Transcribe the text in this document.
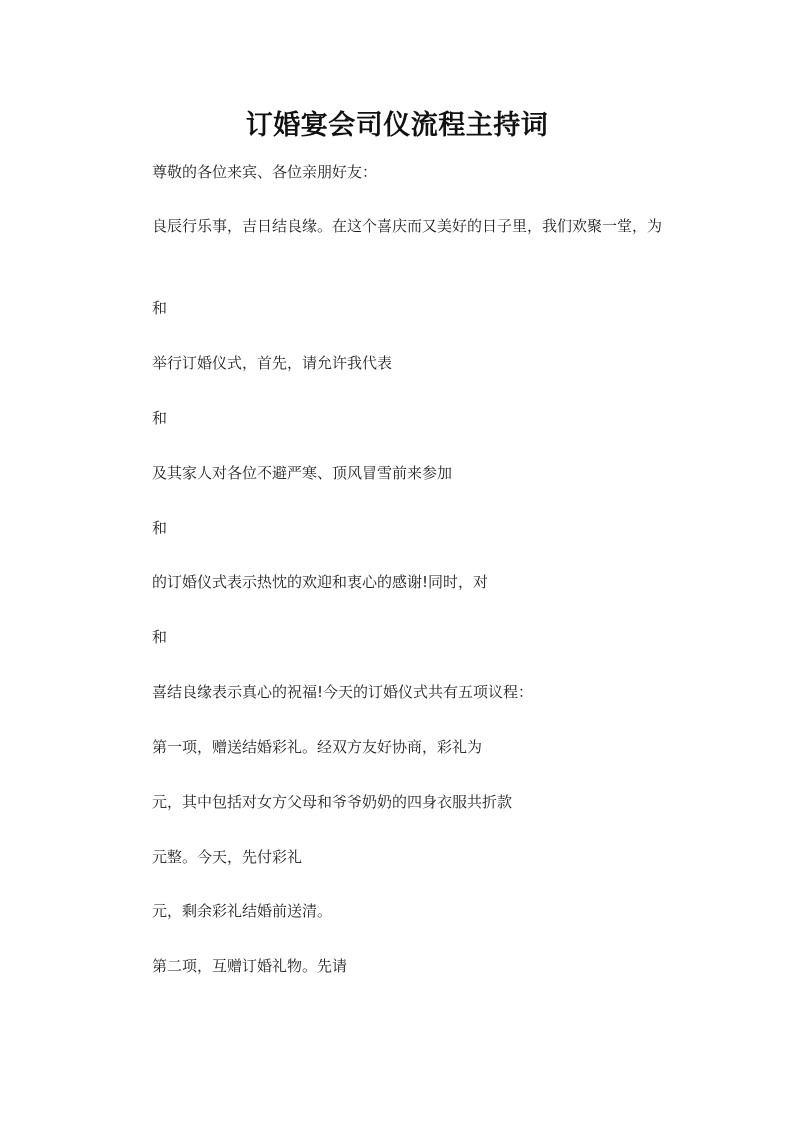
订婚宴会司仪流程主持词

尊敬的各位来宾、各位亲朋好友：

良辰行乐事，吉日结良缘。在这个喜庆而又美好的日子里，我们欢聚一堂，为

和

举行订婚仪式，首先，请允许我代表

和

及其家人对各位不避严寒、顶风冒雪前来参加

和

的订婚仪式表示热忱的欢迎和衷心的感谢!同时，对

和

喜结良缘表示真心的祝福!今天的订婚仪式共有五项议程：

第一项，赠送结婚彩礼。经双方友好协商，彩礼为

元，其中包括对女方父母和爷爷奶奶的四身衣服共折款

元整。今天，先付彩礼

元，剩余彩礼结婚前送清。

第二项，互赠订婚礼物。先请
